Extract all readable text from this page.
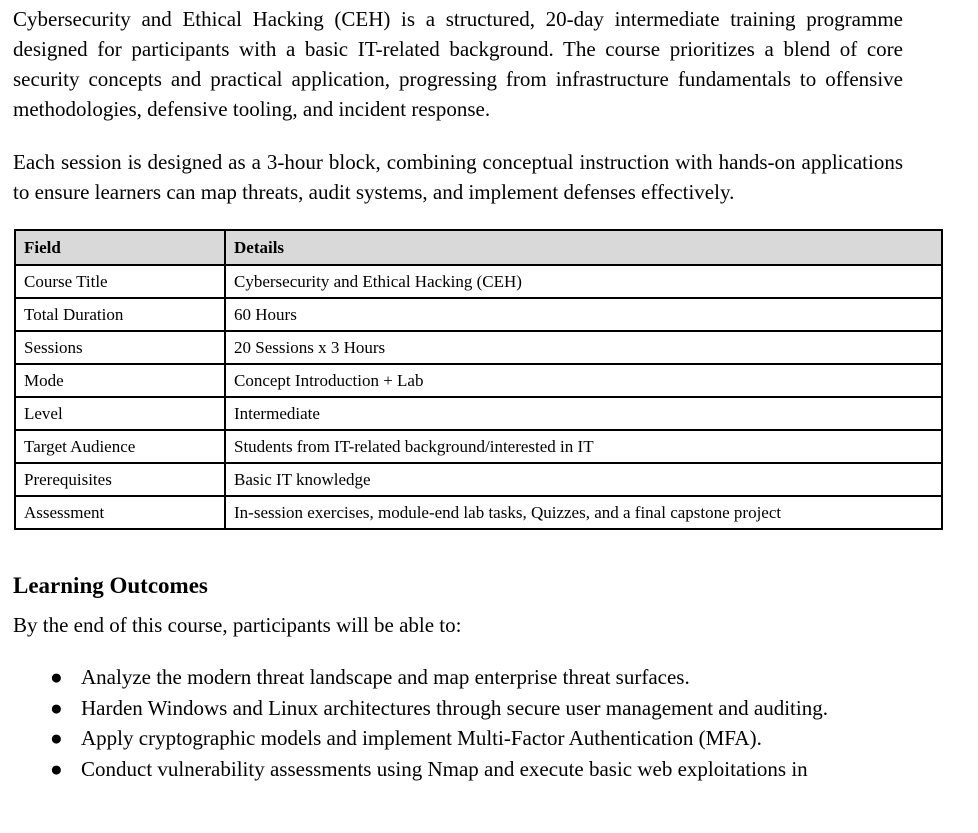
Cybersecurity and Ethical Hacking (CEH) is a structured, 20-day intermediate training programme designed for participants with a basic IT-related background. The course prioritizes a blend of core security concepts and practical application, progressing from infrastructure fundamentals to offensive methodologies, defensive tooling, and incident response.

Each session is designed as a 3-hour block, combining conceptual instruction with hands-on applications to ensure learners can map threats, audit systems, and implement defenses effectively.

Field	Details
Course Title	Cybersecurity and Ethical Hacking (CEH)
Total Duration	60 Hours
Sessions	20 Sessions x 3 Hours
Mode	Concept Introduction + Lab
Level	Intermediate
Target Audience	Students from IT-related background/interested in IT
Prerequisites	Basic IT knowledge
Assessment	In-session exercises, module-end lab tasks, Quizzes, and a final capstone project
Learning Outcomes

By the end of this course, participants will be able to:

● Analyze the modern threat landscape and map enterprise threat surfaces.
● Harden Windows and Linux architectures through secure user management and auditing.
● Apply cryptographic models and implement Multi-Factor Authentication (MFA).
● Conduct vulnerability assessments using Nmap and execute basic web exploitations in
